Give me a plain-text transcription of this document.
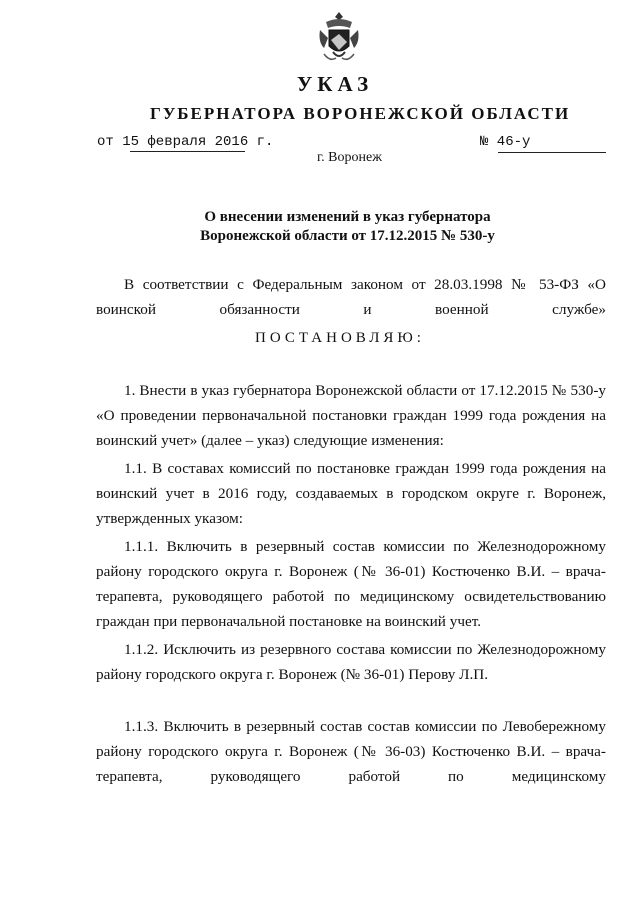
УКАЗ
ГУБЕРНАТОРА ВОРОНЕЖСКОЙ ОБЛАСТИ
от 15 февраля 2016 г.	№ 46-у
г. Воронеж
О внесении изменений в указ губернатора
Воронежской области от 17.12.2015 № 530-у
В соответствии с Федеральным законом от 28.03.1998 № 53-ФЗ «О воинской обязанности и военной службе»
ПОСТАНОВЛЯЮ:
1. Внести в указ губернатора Воронежской области от 17.12.2015 № 530-у «О проведении первоначальной постановки граждан 1999 года рождения на воинский учет» (далее – указ) следующие изменения:
1.1. В составах комиссий по постановке граждан 1999 года рождения на воинский учет в 2016 году, создаваемых в городском округе г. Воронеж, утвержденных указом:
1.1.1. Включить в резервный состав комиссии по Железнодорожному району городского округа г. Воронеж (№ 36-01) Костюченко В.И. – врача-терапевта, руководящего работой по медицинскому освидетельствованию граждан при первоначальной постановке на воинский учет.
1.1.2. Исключить из резервного состава комиссии по Железнодорожному району городского округа г. Воронеж (№ 36-01) Перову Л.П.
1.1.3. Включить в резервный состав состав комиссии по Левобережному району городского округа г. Воронеж (№ 36-03) Костюченко В.И. – врача-терапевта, руководящего работой по медицинскому
